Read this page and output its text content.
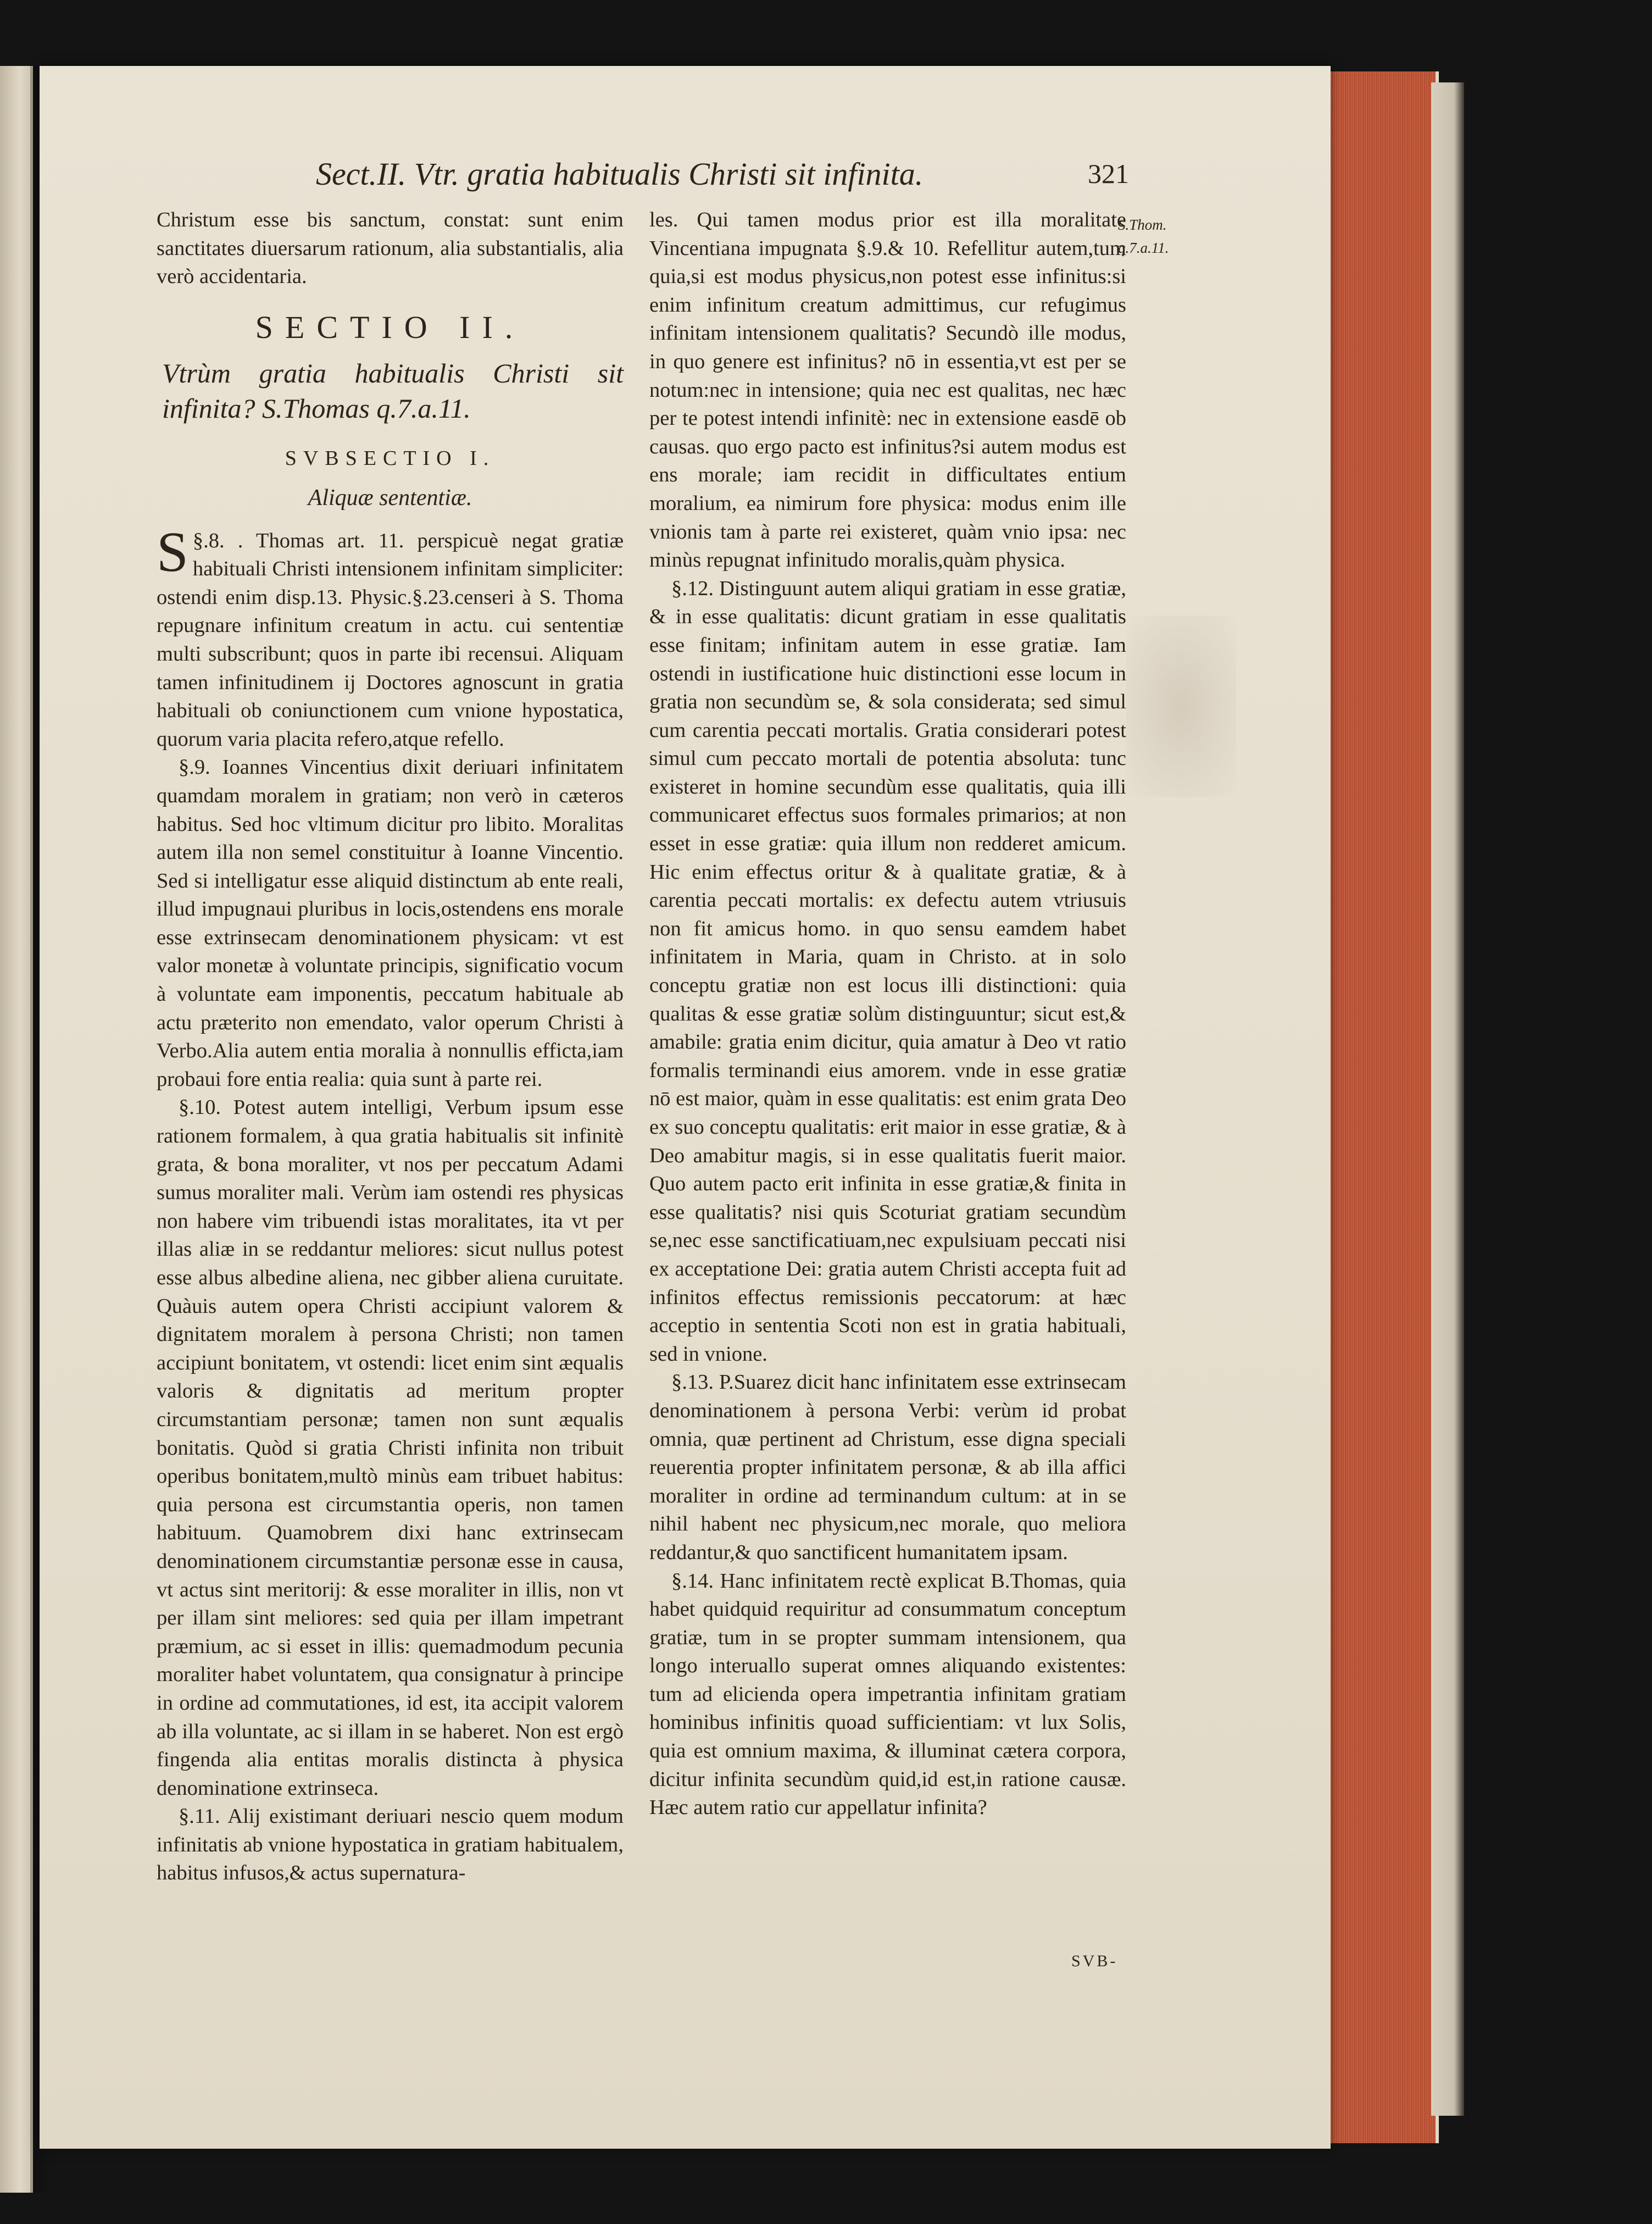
Sect.II. Vtr. gratia habitualis Christi sit infinita.	321

Christum esse bis sanctum, constat: sunt enim sanctitates diuersarum rationum, alia substantialis, alia verò accidentaria.

SECTIO II.
Vtrùm gratia habitualis Christi sit infinita? S.Thomas q.7.a.11.
SVBSECTIO I.
Aliquæ sententiæ.

§.8.
S . Thomas art. 11. perspicuè negat gratiæ habituali Christi intensionem infinitam simpliciter: ostendi enim disp.13. Physic.§.23.censeri à S. Thoma repugnare infinitum creatum in actu. cui sententiæ multi subscribunt; quos in parte ibi recensui. Aliquam tamen infinitudinem ij Doctores agnoscunt in gratia habituali ob coniunctionem cum vnione hypostatica, quorum varia placita refero,atque refello.

§.9. Ioannes Vincentius dixit deriuari infinitatem quamdam moralem in gratiam; non verò in cæteros habitus. Sed hoc vltimum dicitur pro libito. Moralitas autem illa non semel constituitur à Ioanne Vincentio. Sed si intelligatur esse aliquid distinctum ab ente reali, illud impugnaui pluribus in locis,ostendens ens morale esse extrinsecam denominationem physicam: vt est valor monetæ à voluntate principis, significatio vocum à voluntate eam imponentis, peccatum habituale ab actu præterito non emendato, valor operum Christi à Verbo.Alia autem entia moralia à nonnullis efficta,iam probaui fore entia realia: quia sunt à parte rei.

§.10. Potest autem intelligi, Verbum ipsum esse rationem formalem, à qua gratia habitualis sit infinitè grata, & bona moraliter, vt nos per peccatum Adami sumus moraliter mali. Verùm iam ostendi res physicas non habere vim tribuendi istas moralitates, ita vt per illas aliæ in se reddantur meliores: sicut nullus potest esse albus albedine aliena, nec gibber aliena curuitate. Quàuis autem opera Christi accipiunt valorem & dignitatem moralem à persona Christi; non tamen accipiunt bonitatem, vt ostendi: licet enim sint æqualis valoris & dignitatis ad meritum propter circumstantiam personæ; tamen non sunt æqualis bonitatis. Quòd si gratia Christi infinita non tribuit operibus bonitatem,multò minùs eam tribuet habitus: quia persona est circumstantia operis, non tamen habituum. Quamobrem dixi hanc extrinsecam denominationem circumstantiæ personæ esse in causa, vt actus sint meritorij: & esse moraliter in illis, non vt per illam sint meliores: sed quia per illam impetrant præmium, ac si esset in illis: quemadmodum pecunia moraliter habet voluntatem, qua consignatur à principe in ordine ad commutationes, id est, ita accipit valorem ab illa voluntate, ac si illam in se haberet. Non est ergò fingenda alia entitas moralis distincta à physica denominatione extrinseca.

§.11. Alij existimant deriuari nescio quem modum infinitatis ab vnione hypostatica in gratiam habitualem, habitus infusos,& actus supernatura-

les. Qui tamen modus prior est illa moralitate Vincentiana impugnata §.9.& 10. Refellitur autem,tum quia,si est modus physicus,non potest esse infinitus:si enim infinitum creatum admittimus, cur refugimus infinitam intensionem qualitatis? Secundò ille modus, in quo genere est infinitus? nō in essentia,vt est per se notum:nec in intensione; quia nec est qualitas, nec hæc per te potest intendi infinitè: nec in extensione easdē ob causas. quo ergo pacto est infinitus?si autem modus est ens morale; iam recidit in difficultates entium moralium, ea nimirum fore physica: modus enim ille vnionis tam à parte rei existeret, quàm vnio ipsa: nec minùs repugnat infinitudo moralis,quàm physica.

§.12. Distinguunt autem aliqui gratiam in esse gratiæ, & in esse qualitatis: dicunt gratiam in esse qualitatis esse finitam; infinitam autem in esse gratiæ. Iam ostendi in iustificatione huic distinctioni esse locum in gratia non secundùm se, & sola considerata; sed simul cum carentia peccati mortalis. Gratia considerari potest simul cum peccato mortali de potentia absoluta: tunc existeret in homine secundùm esse qualitatis, quia illi communicaret effectus suos formales primarios; at non esset in esse gratiæ: quia illum non redderet amicum. Hic enim effectus oritur & à qualitate gratiæ, & à carentia peccati mortalis: ex defectu autem vtriusuis non fit amicus homo. in quo sensu eamdem habet infinitatem in Maria, quam in Christo. at in solo conceptu gratiæ non est locus illi distinctioni: quia qualitas & esse gratiæ solùm distinguuntur; sicut est,& amabile: gratia enim dicitur, quia amatur à Deo vt ratio formalis terminandi eius amorem. vnde in esse gratiæ nō est maior, quàm in esse qualitatis: est enim grata Deo ex suo conceptu qualitatis: erit maior in esse gratiæ, & à Deo amabitur magis, si in esse qualitatis fuerit maior. Quo autem pacto erit infinita in esse gratiæ,& finita in esse qualitatis? nisi quis Scoturiat gratiam secundùm se,nec esse sanctificatiuam,nec expulsiuam peccati nisi ex acceptatione Dei: gratia autem Christi accepta fuit ad infinitos effectus remissionis peccatorum: at hæc acceptio in sententia Scoti non est in gratia habituali, sed in vnione.

§.13. P.Suarez dicit hanc infinitatem esse extrinsecam denominationem à persona Verbi: verùm id probat omnia, quæ pertinent ad Christum, esse digna speciali reuerentia propter infinitatem personæ, & ab illa affici moraliter in ordine ad terminandum cultum: at in se nihil habent nec physicum,nec morale, quo meliora reddantur,& quo sanctificent humanitatem ipsam.

§.14. Hanc infinitatem rectè explicat B.Thomas, quia habet quidquid requiritur ad consummatum conceptum gratiæ, tum in se propter summam intensionem, qua longo interuallo superat omnes aliquando existentes: tum ad eliciendа opera impetrantia infinitam gratiam hominibus infinitis quoad sufficientiam: vt lux Solis, quia est omnium maxima, & illuminat cætera corpora, dicitur infinita secundùm quid,id est,in ratione causæ. Hæc autem ratio cur appellatur infinita?

S.Thom.
q.7.a.11.
SVB-
